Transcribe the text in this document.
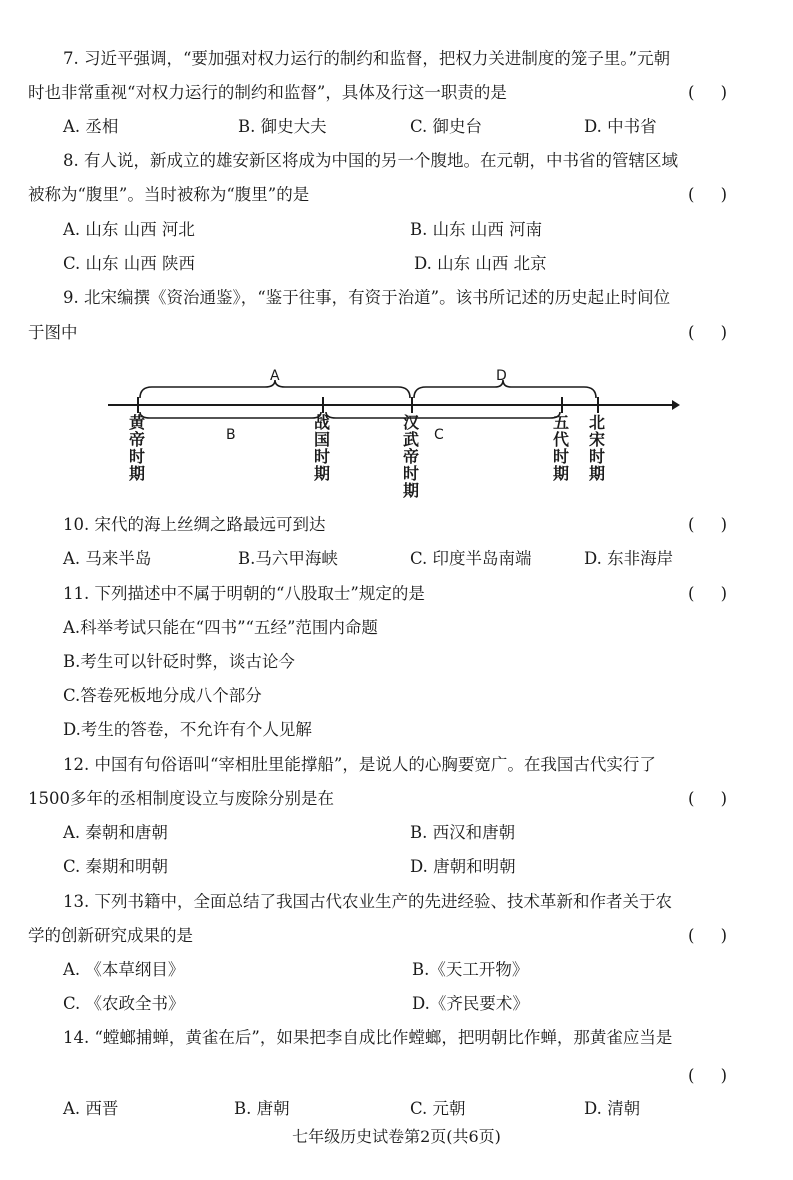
7. 习近平强调，“要加强对权力运行的制约和监督，把权力关进制度的笼子里。”元朝
时也非常重视“对权力运行的制约和监督”，具体及行这一职责的是	(     )
A. 丞相	B. 御史大夫	C. 御史台	D. 中书省
8. 有人说，新成立的雄安新区将成为中国的另一个腹地。在元朝，中书省的管辖区域
被称为“腹里”。当时被称为“腹里”的是	(     )
A. 山东 山西 河北	B. 山东 山西 河南
C. 山东 山西 陕西	D. 山东 山西 北京
9. 北宋编撰《资治通鉴》，“鉴于往事，有资于治道”。该书所记述的历史起止时间位
于图中	(     )
A	D
B	C
黄帝时期
战国时期
汉武帝时期
五代时期
北宋时期
10. 宋代的海上丝绸之路最远可到达	(     )
A. 马来半岛	B.马六甲海峡	C. 印度半岛南端	D. 东非海岸
11. 下列描述中不属于明朝的“八股取士”规定的是	(     )
A.科举考试只能在“四书”“五经”范围内命题
B.考生可以针砭时弊，谈古论今
C.答卷死板地分成八个部分
D.考生的答卷，不允许有个人见解
12. 中国有句俗语叫“宰相肚里能撑船”，是说人的心胸要宽广。在我国古代实行了
1500多年的丞相制度设立与废除分别是在	(     )
A. 秦朝和唐朝	B. 西汉和唐朝
C. 秦期和明朝	D. 唐朝和明朝
13. 下列书籍中，全面总结了我国古代农业生产的先进经验、技术革新和作者关于农
学的创新研究成果的是	(     )
A. 《本草纲目》	B.《天工开物》
C. 《农政全书》	D.《齐民要术》
14. “螳螂捕蝉，黄雀在后”，如果把李自成比作螳螂，把明朝比作蝉，那黄雀应当是
(     )
A. 西晋	B. 唐朝	C. 元朝	D. 清朝
七年级历史试卷第2页(共6页)
